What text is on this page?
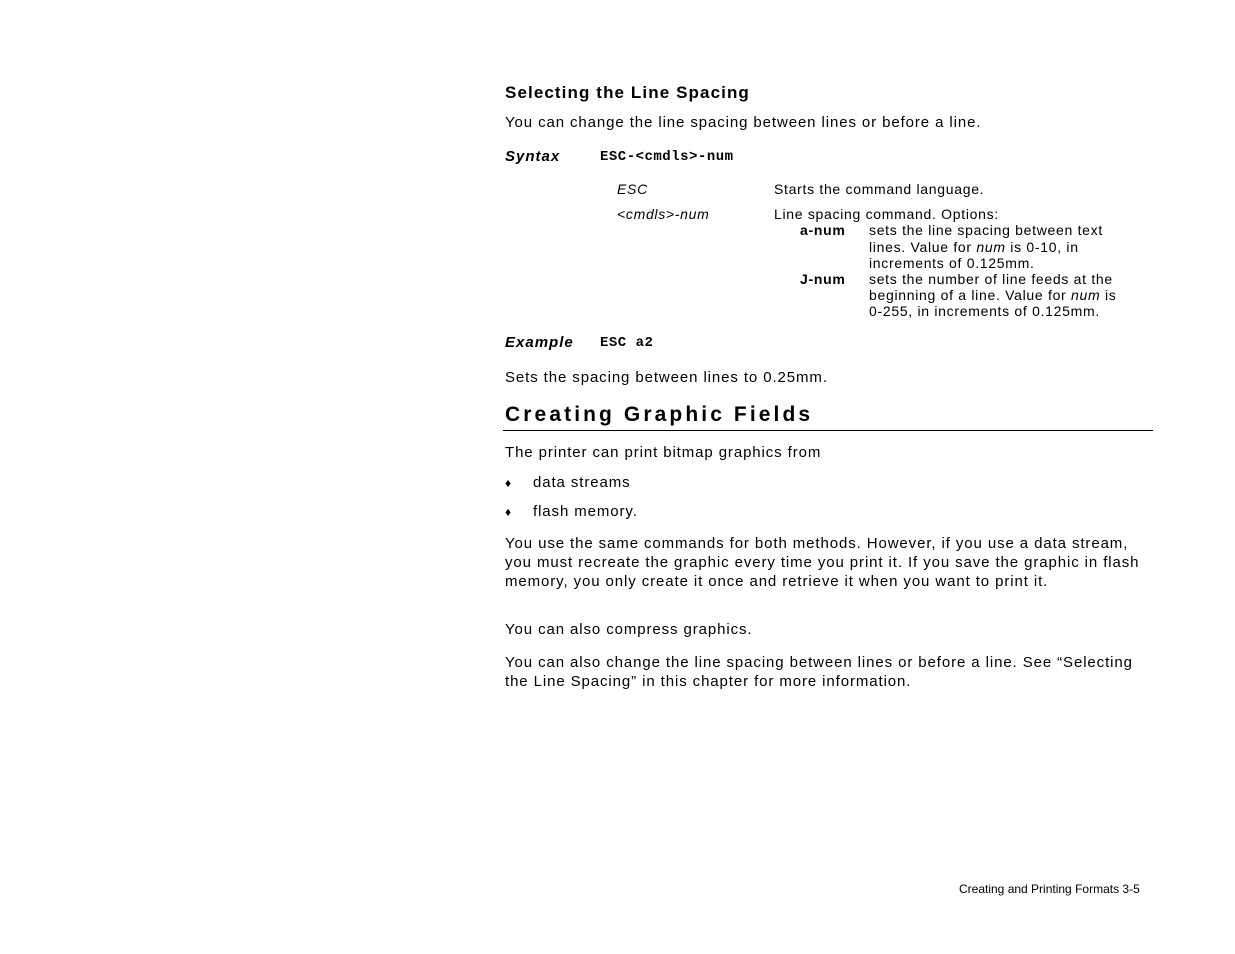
Selecting the Line Spacing
You can change the line spacing between lines or before a line.
Syntax	ESC-<cmdls>-num
ESC	Starts the command language.
<cmdls>-num	Line spacing command. Options:
a-num sets the line spacing between text
lines. Value for num is 0-10, in
increments of 0.125mm.
J-num sets the number of line feeds at the
beginning of a line. Value for num is
0-255, in increments of 0.125mm.
Example ESC a2
Sets the spacing between lines to 0.25mm.
Creating Graphic Fields
The printer can print bitmap graphics from
♦ data streams
♦ flash memory.
You use the same commands for both methods. However, if you use a data stream, you must recreate the graphic every time you print it. If you save the graphic in flash memory, you only create it once and retrieve it when you want to print it.
You can also compress graphics.
You can also change the line spacing between lines or before a line. See “Selecting the Line Spacing” in this chapter for more information.
Creating and Printing Formats 3-5
